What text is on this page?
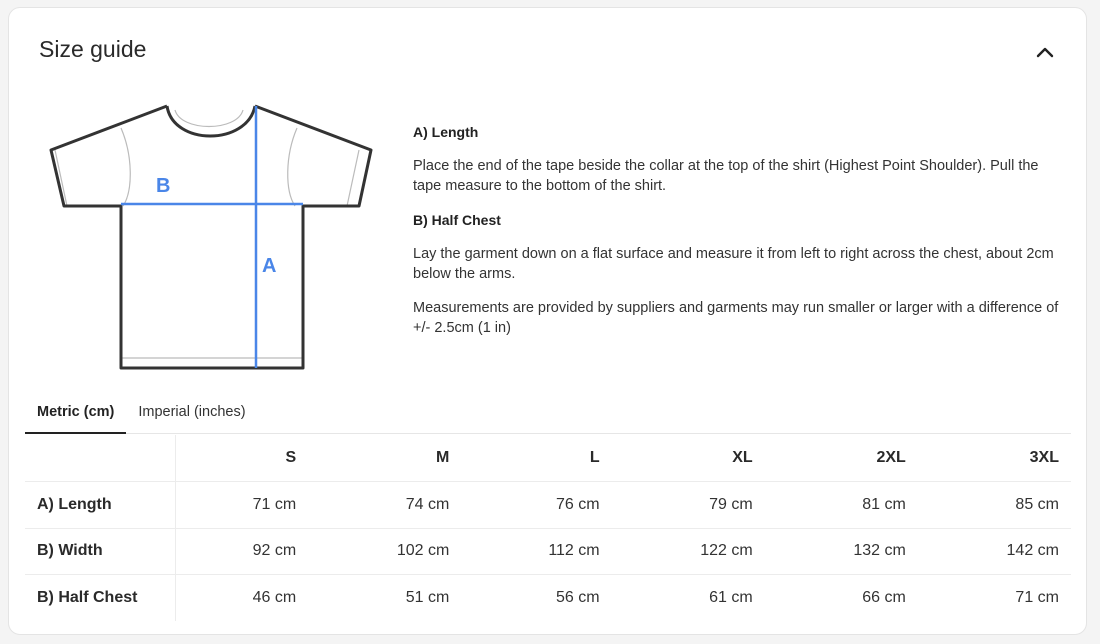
Size guide
B
A
A) Length

Place the end of the tape beside the collar at the top of the shirt (Highest Point Shoulder). Pull the tape measure to the bottom of the shirt.

B) Half Chest

Lay the garment down on a flat surface and measure it from left to right across the chest, about 2cm below the arms.

Measurements are provided by suppliers and garments may run smaller or larger with a difference of +/- 2.5cm (1 in)

Metric (cm)	Imperial (inches)
	S	M	L	XL	2XL	3XL
A) Length	71 cm	74 cm	76 cm	79 cm	81 cm	85 cm
B) Width	92 cm	102 cm	112 cm	122 cm	132 cm	142 cm
B) Half Chest	46 cm	51 cm	56 cm	61 cm	66 cm	71 cm
